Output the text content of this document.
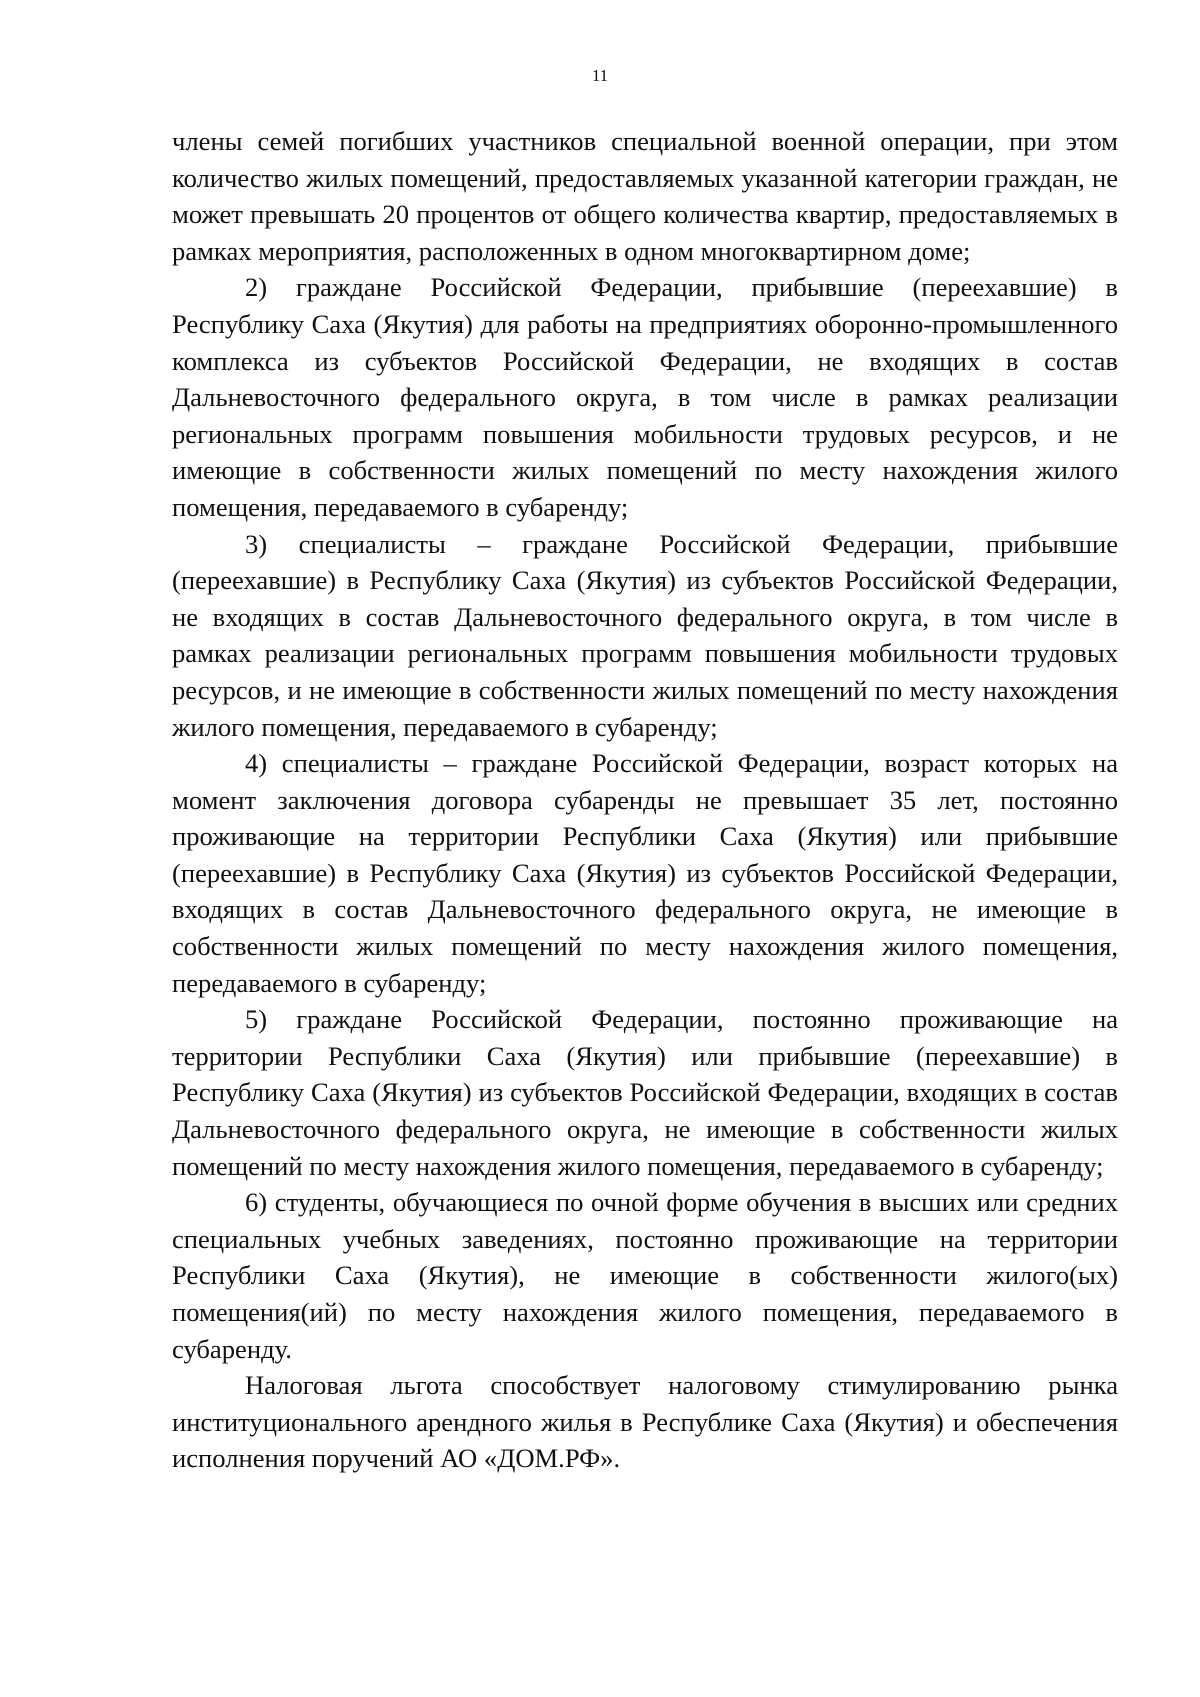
11

члены семей погибших участников специальной военной операции, при этом количество жилых помещений, предоставляемых указанной категории граждан, не может превышать 20 процентов от общего количества квартир, предоставляемых в рамках мероприятия, расположенных в одном многоквартирном доме;

2) граждане Российской Федерации, прибывшие (переехавшие) в Республику Саха (Якутия) для работы на предприятиях оборонно-промышленного комплекса из субъектов Российской Федерации, не входящих в состав Дальневосточного федерального округа, в том числе в рамках реализации региональных программ повышения мобильности трудовых ресурсов, и не имеющие в собственности жилых помещений по месту нахождения жилого помещения, передаваемого в субаренду;

3) специалисты – граждане Российской Федерации, прибывшие (переехавшие) в Республику Саха (Якутия) из субъектов Российской Федерации, не входящих в состав Дальневосточного федерального округа, в том числе в рамках реализации региональных программ повышения мобильности трудовых ресурсов, и не имеющие в собственности жилых помещений по месту нахождения жилого помещения, передаваемого в субаренду;

4) специалисты – граждане Российской Федерации, возраст которых на момент заключения договора субаренды не превышает 35 лет, постоянно проживающие на территории Республики Саха (Якутия) или прибывшие (переехавшие) в Республику Саха (Якутия) из субъектов Российской Федерации, входящих в состав Дальневосточного федерального округа, не имеющие в собственности жилых помещений по месту нахождения жилого помещения, передаваемого в субаренду;

5) граждане Российской Федерации, постоянно проживающие на территории Республики Саха (Якутия) или прибывшие (переехавшие) в Республику Саха (Якутия) из субъектов Российской Федерации, входящих в состав Дальневосточного федерального округа, не имеющие в собственности жилых помещений по месту нахождения жилого помещения, передаваемого в субаренду;

6) студенты, обучающиеся по очной форме обучения в высших или средних специальных учебных заведениях, постоянно проживающие на территории Республики Саха (Якутия), не имеющие в собственности жилого(ых) помещения(ий) по месту нахождения жилого помещения, передаваемого в субаренду.

Налоговая льгота способствует налоговому стимулированию рынка институционального арендного жилья в Республике Саха (Якутия) и обеспечения исполнения поручений АО «ДОМ.РФ».
